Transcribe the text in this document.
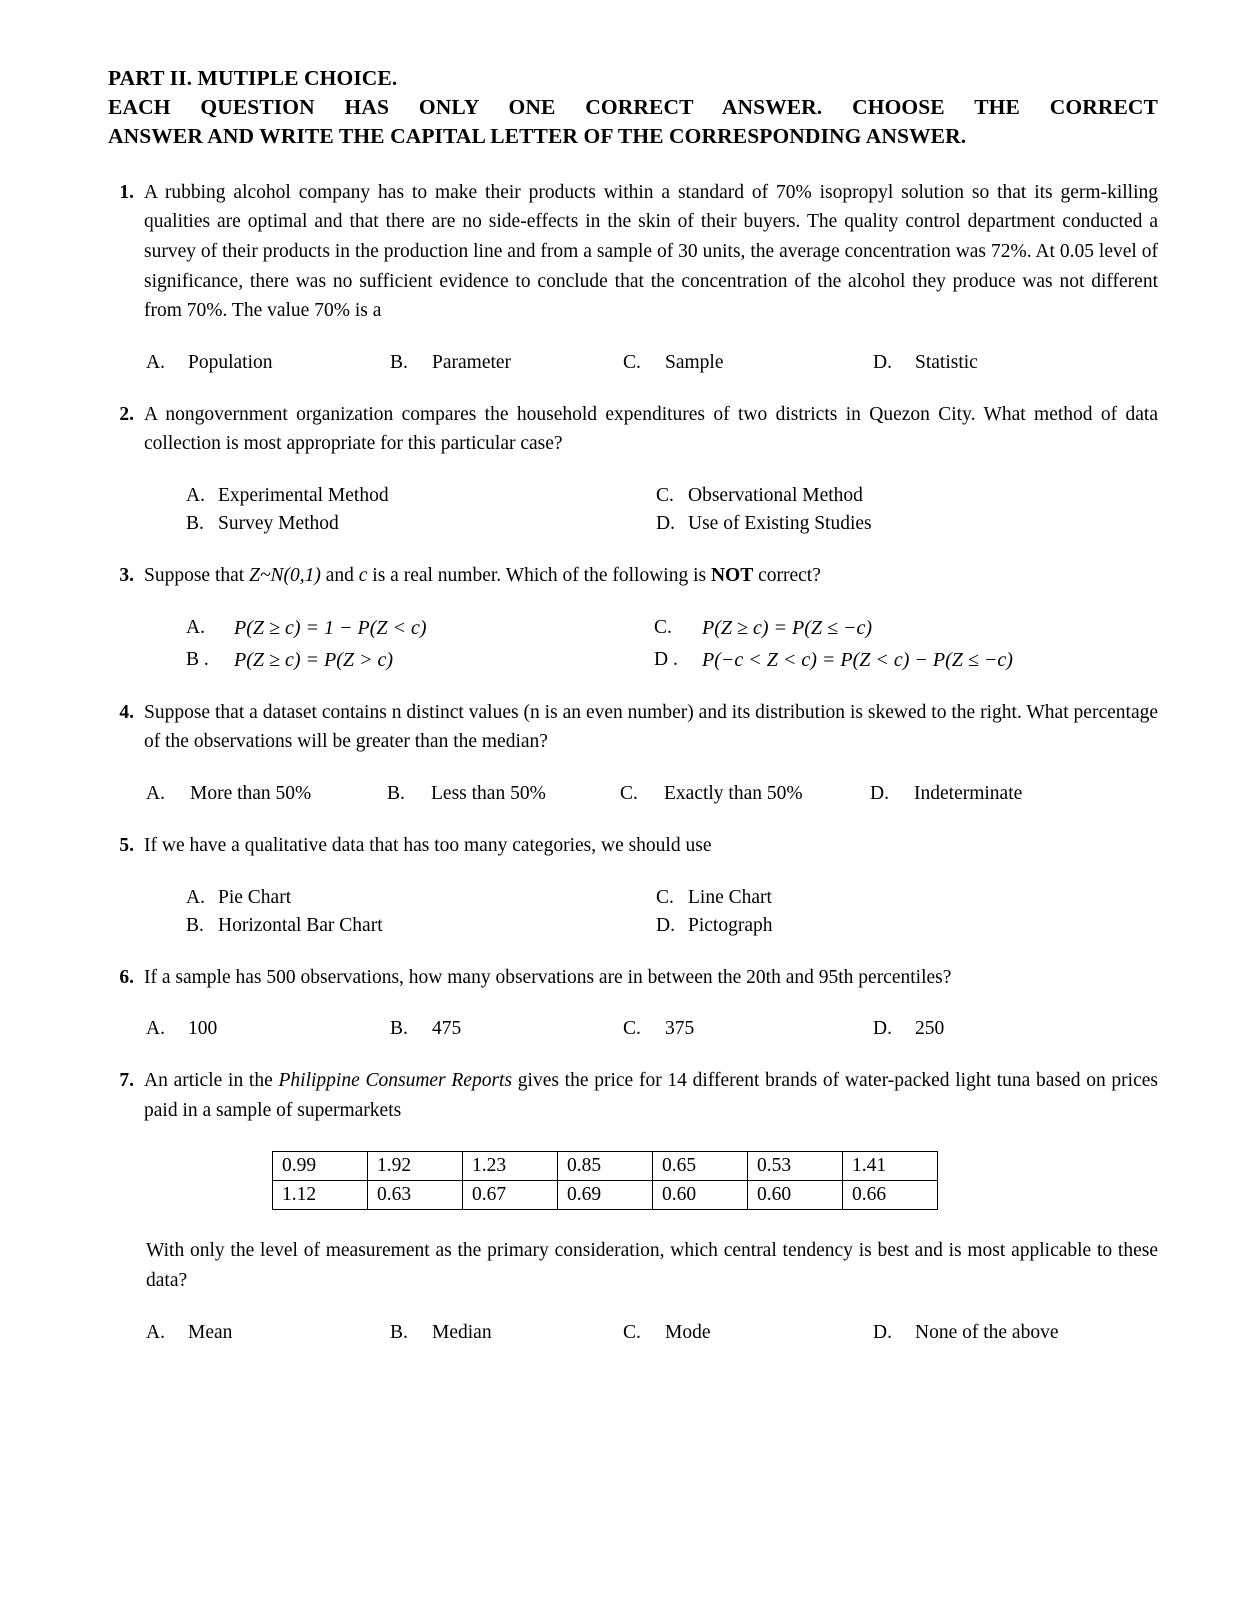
PART II. MUTIPLE CHOICE.
EACH QUESTION HAS ONLY ONE CORRECT ANSWER. CHOOSE THE CORRECT
ANSWER AND WRITE THE CAPITAL LETTER OF THE CORRESPONDING ANSWER.
1. A rubbing alcohol company has to make their products within a standard of 70% isopropyl solution so that its germ-killing qualities are optimal and that there are no side-effects in the skin of their buyers. The quality control department conducted a survey of their products in the production line and from a sample of 30 units, the average concentration was 72%. At 0.05 level of significance, there was no sufficient evidence to conclude that the concentration of the alcohol they produce was not different from 70%. The value 70% is a
A.	Population	B.	Parameter	C.	Sample	D.	Statistic
2. A nongovernment organization compares the household expenditures of two districts in Quezon City. What method of data collection is most appropriate for this particular case?
A. Experimental Method	C. Observational Method
B. Survey Method	D. Use of Existing Studies
3. Suppose that Z~N(0,1) and c is a real number. Which of the following is NOT correct?
A.	P(Z ≥ c) = 1 − P(Z < c)	C.	P(Z ≥ c) = P(Z ≤ −c)
B .	P(Z ≥ c) = P(Z > c)	D .	P(−c < Z < c) = P(Z < c) − P(Z ≤ −c)
4. Suppose that a dataset contains n distinct values (n is an even number) and its distribution is skewed to the right. What percentage of the observations will be greater than the median?
A.	More than 50%	B.	Less than 50%	C.	Exactly than 50%	D.	Indeterminate
5. If we have a qualitative data that has too many categories, we should use
A. Pie Chart	C. Line Chart
B. Horizontal Bar Chart	D. Pictograph
6. If a sample has 500 observations, how many observations are in between the 20th and 95th percentiles?
A.	100	B.	475	C.	375	D.	250
7. An article in the Philippine Consumer Reports gives the price for 14 different brands of water-packed light tuna based on prices paid in a sample of supermarkets
0.99	1.92	1.23	0.85	0.65	0.53	1.41
1.12	0.63	0.67	0.69	0.60	0.60	0.66
With only the level of measurement as the primary consideration, which central tendency is best and is most applicable to these data?
A.	Mean	B.	Median	C.	Mode	D.	None of the above
